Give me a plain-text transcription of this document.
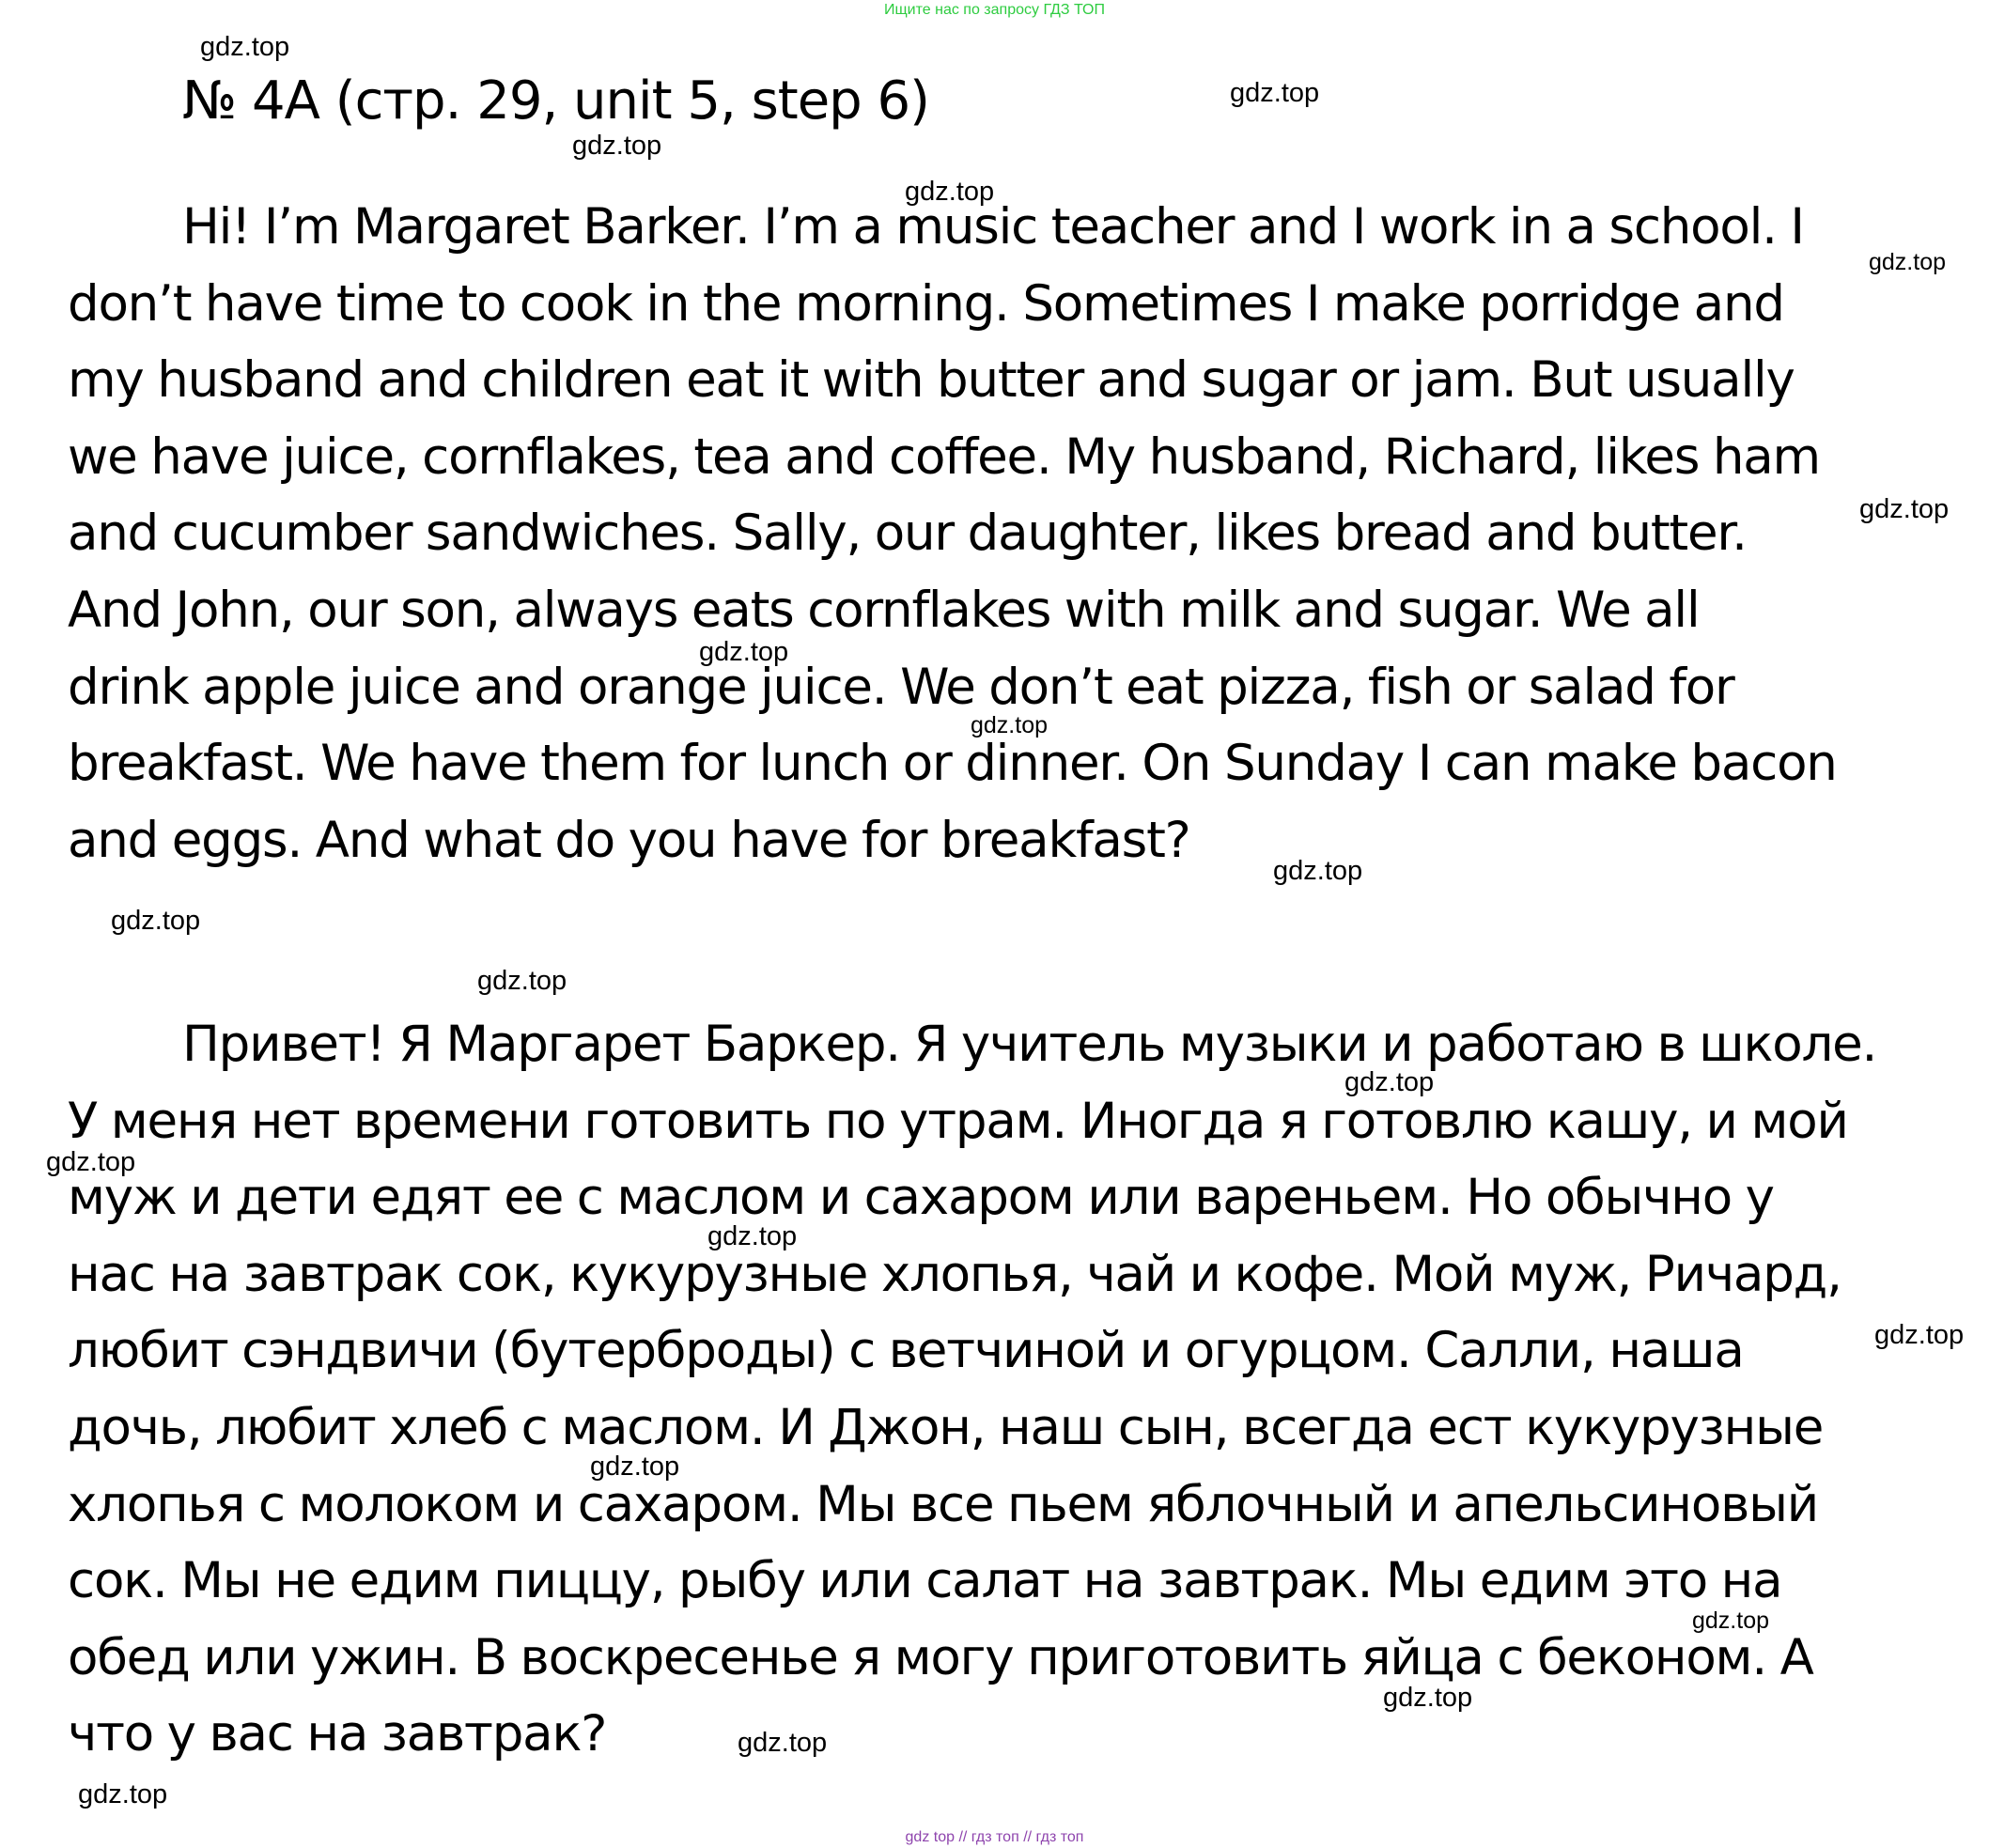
Ищите нас по запросу ГДЗ ТОП
№ 4A (стр. 29, unit 5, step 6)
Hi! I’m Margaret Barker. I’m a music teacher and I work in a school. I
don’t have time to cook in the morning. Sometimes I make porridge and
my husband and children eat it with butter and sugar or jam. But usually
we have juice, cornflakes, tea and coffee. My husband, Richard, likes ham
and cucumber sandwiches. Sally, our daughter, likes bread and butter.
And John, our son, always eats cornflakes with milk and sugar. We all
drink apple juice and orange juice. We don’t eat pizza, fish or salad for
breakfast. We have them for lunch or dinner. On Sunday I can make bacon
and eggs. And what do you have for breakfast?
Привет! Я Маргарет Баркер. Я учитель музыки и работаю в школе.
У меня нет времени готовить по утрам. Иногда я готовлю кашу, и мой
муж и дети едят ее с маслом и сахаром или вареньем. Но обычно у
нас на завтрак сок, кукурузные хлопья, чай и кофе. Мой муж, Ричард,
любит сэндвичи (бутерброды) с ветчиной и огурцом. Салли, наша
дочь, любит хлеб с маслом. И Джон, наш сын, всегда ест кукурузные
хлопья с молоком и сахаром. Мы все пьем яблочный и апельсиновый
сок. Мы не едим пиццу, рыбу или салат на завтрак. Мы едим это на
обед или ужин. В воскресенье я могу приготовить яйца с беконом. А
что у вас на завтрак?
gdz.top
gdz.top
gdz.top
gdz.top
gdz.top
gdz.top
gdz.top
gdz.top
gdz.top
gdz.top
gdz.top
gdz.top
gdz.top
gdz.top
gdz.top
gdz.top
gdz.top
gdz.top
gdz.top
gdz.top
gdz top // гдз топ // гдз топ
